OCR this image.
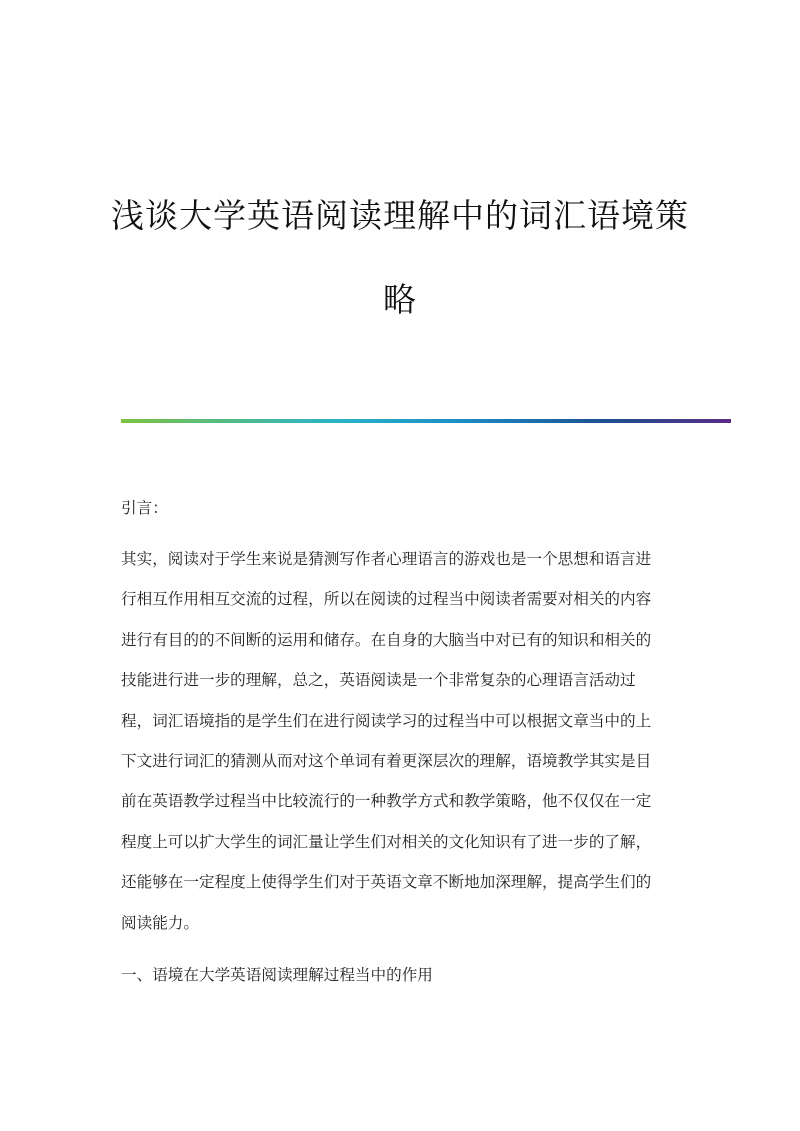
浅谈大学英语阅读理解中的词汇语境策
略

引言：

其实，阅读对于学生来说是猜测写作者心理语言的游戏也是一个思想和语言进
行相互作用相互交流的过程，所以在阅读的过程当中阅读者需要对相关的内容
进行有目的的不间断的运用和储存。在自身的大脑当中对已有的知识和相关的
技能进行进一步的理解，总之，英语阅读是一个非常复杂的心理语言活动过
程，词汇语境指的是学生们在进行阅读学习的过程当中可以根据文章当中的上
下文进行词汇的猜测从而对这个单词有着更深层次的理解，语境教学其实是目
前在英语教学过程当中比较流行的一种教学方式和教学策略，他不仅仅在一定
程度上可以扩大学生的词汇量让学生们对相关的文化知识有了进一步的了解，
还能够在一定程度上使得学生们对于英语文章不断地加深理解，提高学生们的
阅读能力。

一、语境在大学英语阅读理解过程当中的作用
